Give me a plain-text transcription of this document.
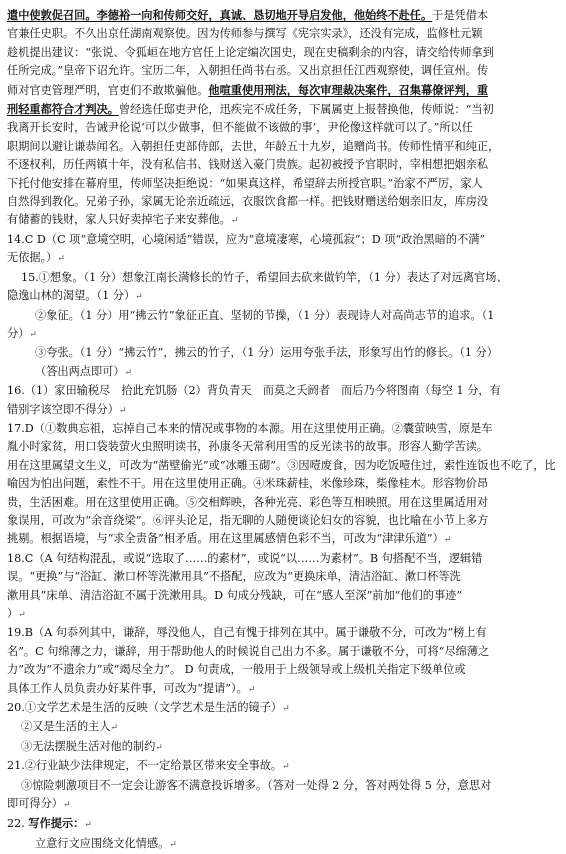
遣中使敦促召回。李德裕一向和传师交好，真诚、恳切地开导启发他，他始终不赴任。于是凭借本
官兼任史职。不久出京任湖南观察使。因为传师参与撰写《宪宗实录》，还没有完成，监修杜元颖
趁机提出建议：“张说、令狐峘在地方官任上论定编次国史，现在史稿剩余的内容，请交给传师拿到
任所完成。”皇帝下诏允许。宝历二年，入朝担任尚书右丞。又出京担任江西观察使，调任宣州。传
师对官吏管理严明，官吏们不敢欺骗他。他喧重使用刑法，每次审理裁决案件，召集幕僚评判，重
刑轻重都符合才判决。曾经选任邸吏尹伦，迅疾完不成任务，下属属吏上报替换他，传师说：“当初
我离开长安时，告诫尹伦说‘可以少做事，但不能做不该做的事’，尹伦像这样就可以了。”所以任
职期间以避让谦恭闻名。入朝担任吏部侍郎，去世，年龄五十九岁，追赠尚书。传师性情平和纯正，
不逐权利，历任两镇十年，没有私信书、钱财送入豪门贵族。起初被授予官职时，宰相想把姻亲私
下托付他安排在幕府里，传师坚决拒绝说：“如果真这样，希望辞去所授官职。”治家不严厉，家人
自然得到教化。兄弟子孙，家属无论亲近疏远，衣服饮食都一样。把钱财赠送给姻亲旧友，库房没
有储蓄的钱财，家人只好卖掉宅子来安葬他。↵
14.C D（C 项“意境空明，心境闲适”错误，应为“意境凄寒，心境孤寂”；D 项“政治黑暗的不满”
无依据。）↵
15.①想象。（1 分）想象江南长满修长的竹子，希望回去砍来做钓竿，（1 分）表达了对远离官场、
隐逸山林的渴望。（1 分）↵
②象征。（1 分）用“拂云竹”象征正直、坚韧的节操，（1 分）表现诗人对高尚志节的追求。（1
分）↵
③夸张。（1 分）“拂云竹”，拂云的竹子，（1 分）运用夸张手法，形象写出竹的修长。（1 分）
（答出两点即可）↵
16.（1）家田输税尽　拾此充饥肠（2）背负青天　而莫之夭阏者　而后乃今将图南（每空 1 分，有
错别字该空即不得分）↵
17.D（①数典忘祖，忘掉自己本来的情况或事物的本源。用在这里使用正确。②囊萤映雪，原是车
胤小时家贫，用口袋装萤火虫照明读书，孙康冬天常利用雪的反光读书的故事。形容人勤学苦读。
用在这里属望文生义，可改为“凿壁偷光”或“冰雕玉砌”。③因噎废食，因为吃饭噎住过，索性连饭也不吃了，比
喻因为怕出问题，索性不干。用在这里使用正确。④米珠薪桂，米像珍珠，柴像桂木。形容物价昂
贵，生活困难。用在这里使用正确。⑤交相辉映，各种光亮、彩色等互相映照。用在这里属适用对
象误用，可改为“余音绕梁”。⑥评头论足，指无聊的人随便谈论妇女的容貌，也比喻在小节上多方
挑剔。根据语境，与“求全责备”相矛盾。用在这里属感情色彩不当，可改为“津津乐道”）↵
18.C（A 句结构混乱，或说“选取了……的素材”，或说“以……为素材”。B 句搭配不当，逻辑错
误。“更换”与“浴缸、漱口杯等洗漱用具”不搭配，应改为“更换床单，清洁浴缸、漱口杯等洗
漱用具”床单、清洁浴缸不属于洗漱用具。D 句成分残缺，可在“感人至深”前加“他们的事迹”
）↵
19.B（A 句忝列其中，谦辞，辱没他人，自己有愧于排列在其中。属于谦敬不分，可改为“榜上有
名”。C 句绵薄之力，谦辞，用于帮助他人的时候说自己出力不多。属于谦敬不分，可将“尽绵薄之
力”改为“不遗余力”或“竭尽全力”。 D 句责成，一般用于上级领导或上级机关指定下级单位或
具体工作人员负责办好某件事，可改为“提请”）。↵
20.①文学艺术是生活的反映（文学艺术是生活的镜子）↵
②又是生活的主人↵
③无法摆脱生活对他的制约↵
21.②行业缺少法律规定，不一定给景区带来安全事故。↵
③惊险刺激项目不一定会让游客不满意投诉增多。（答对一处得 2 分，答对两处得 5 分，意思对
即可得分）↵
22. 写作提示：↵
立意行文应围绕文化情感。↵
